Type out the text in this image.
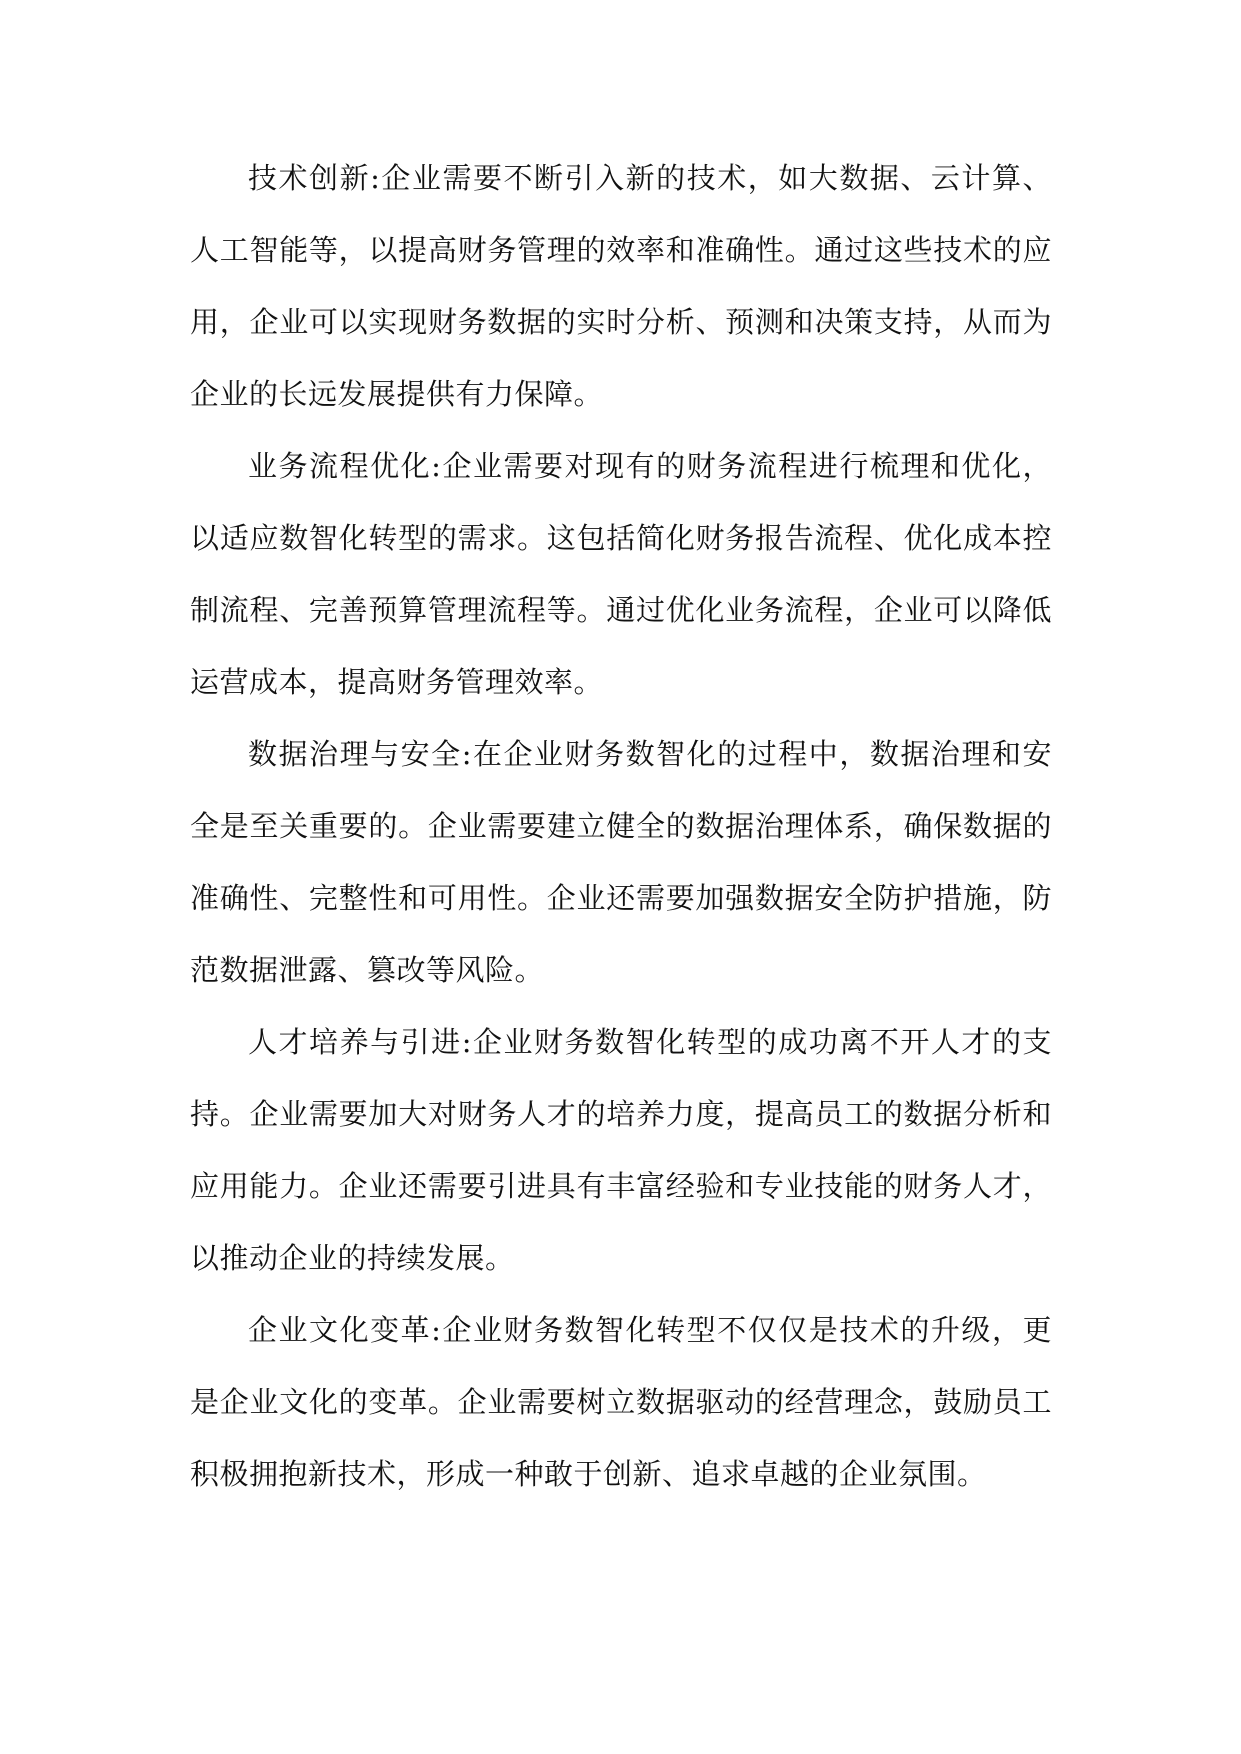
技术创新:企业需要不断引入新的技术，如大数据、云计算、人工智能等，以提高财务管理的效率和准确性。通过这些技术的应用，企业可以实现财务数据的实时分析、预测和决策支持，从而为企业的长远发展提供有力保障。

业务流程优化:企业需要对现有的财务流程进行梳理和优化，以适应数智化转型的需求。这包括简化财务报告流程、优化成本控制流程、完善预算管理流程等。通过优化业务流程，企业可以降低运营成本，提高财务管理效率。

数据治理与安全:在企业财务数智化的过程中，数据治理和安全是至关重要的。企业需要建立健全的数据治理体系，确保数据的准确性、完整性和可用性。企业还需要加强数据安全防护措施，防范数据泄露、篡改等风险。

人才培养与引进:企业财务数智化转型的成功离不开人才的支持。企业需要加大对财务人才的培养力度，提高员工的数据分析和应用能力。企业还需要引进具有丰富经验和专业技能的财务人才，以推动企业的持续发展。

企业文化变革:企业财务数智化转型不仅仅是技术的升级，更是企业文化的变革。企业需要树立数据驱动的经营理念，鼓励员工积极拥抱新技术，形成一种敢于创新、追求卓越的企业氛围。
